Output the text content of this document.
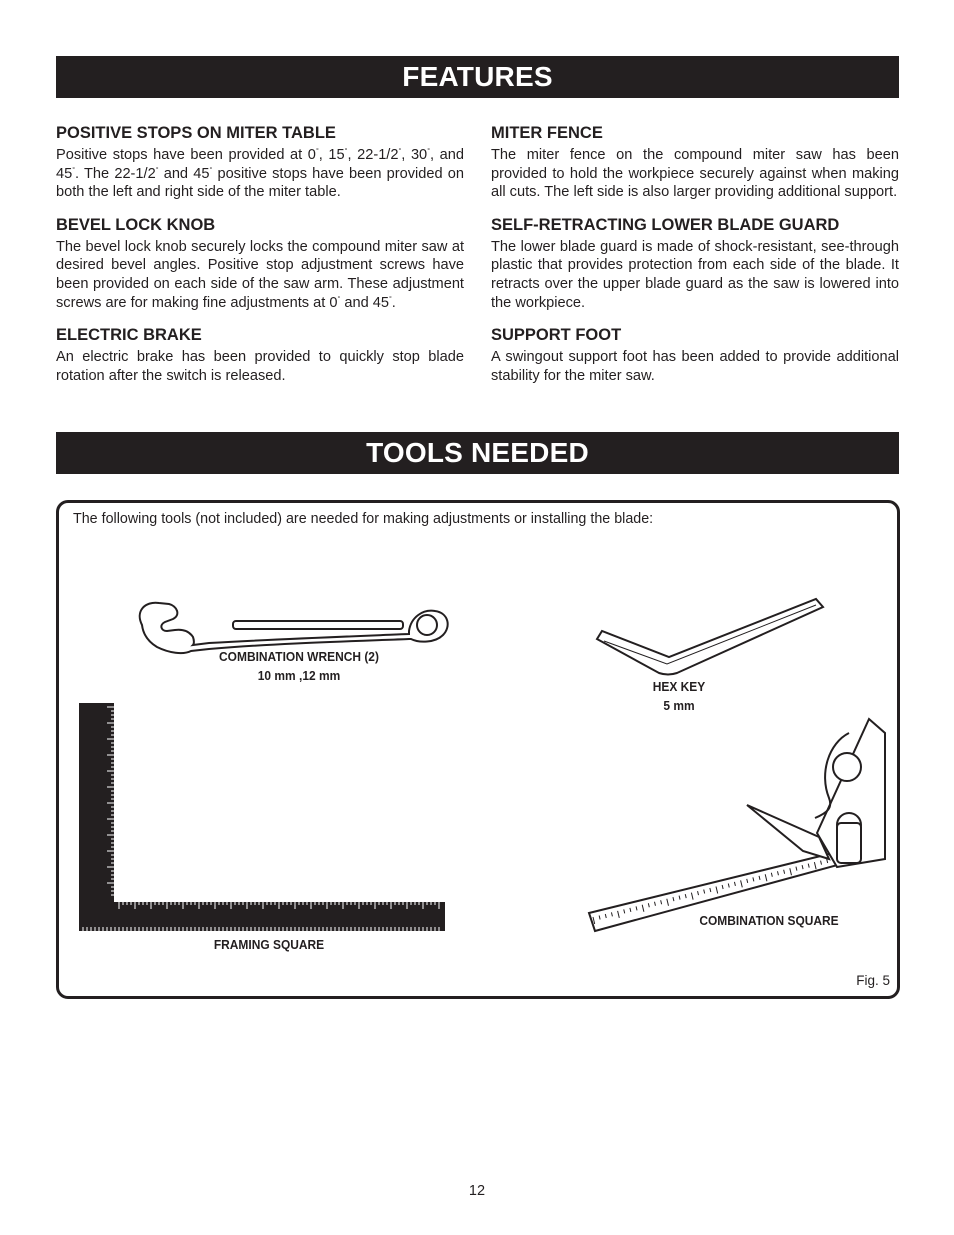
FEATURES
POSITIVE STOPS ON MITER TABLE

Positive stops have been provided at 0°, 15°, 22-1/2°, 30°, and 45°. The 22-1/2° and 45° positive stops have been provided on both the left and right side of the miter table.

BEVEL LOCK KNOB

The bevel lock knob securely locks the compound miter saw at desired bevel angles. Positive stop adjustment screws have been provided on each side of the saw arm. These adjustment screws are for making fine adjustments at 0° and 45°.

ELECTRIC BRAKE

An electric brake has been provided to quickly stop blade rotation after the switch is released.

MITER FENCE

The miter fence on the compound miter saw has been provided to hold the workpiece securely against when making all cuts. The left side is also larger providing additional support.

SELF-RETRACTING LOWER BLADE GUARD

The lower blade guard is made of shock-resistant, see-through plastic that provides protection from each side of the blade. It retracts over the upper blade guard as the saw is lowered into the workpiece.

SUPPORT FOOT

A swingout support foot has been added to provide additional stability for the miter saw.

TOOLS NEEDED

The following tools (not included) are needed for making adjustments or installing the blade:

COMBINATION WRENCH (2)
10 mm ,12 mm
HEX KEY
5 mm
FRAMING SQUARE
COMBINATION SQUARE
Fig. 5
12
